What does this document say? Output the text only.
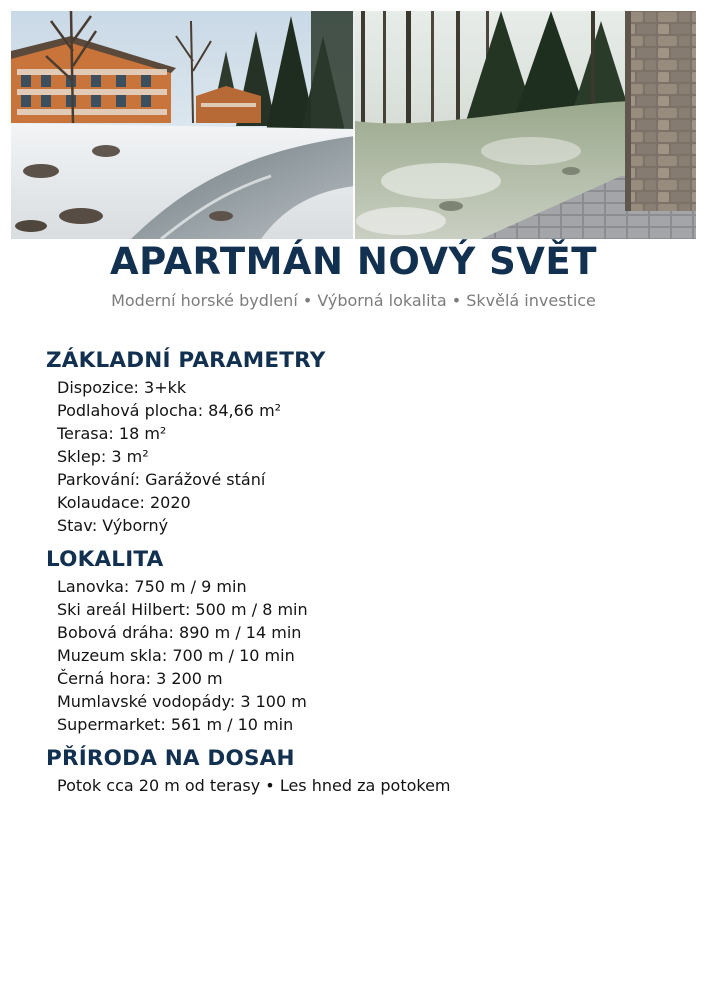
APARTMÁN NOVÝ SVĚT

Moderní horské bydlení • Výborná lokalita • Skvělá investice

ZÁKLADNÍ PARAMETRY
Dispozice: 3+kk
Podlahová plocha: 84,66 m²
Terasa: 18 m²
Sklep: 3 m²
Parkování: Garážové stání
Kolaudace: 2020
Stav: Výborný
LOKALITA
Lanovka: 750 m / 9 min
Ski areál Hilbert: 500 m / 8 min
Bobová dráha: 890 m / 14 min
Muzeum skla: 700 m / 10 min
Černá hora: 3 200 m
Mumlavské vodopády: 3 100 m
Supermarket: 561 m / 10 min
PŘÍRODA NA DOSAH
Potok cca 20 m od terasy • Les hned za potokem
